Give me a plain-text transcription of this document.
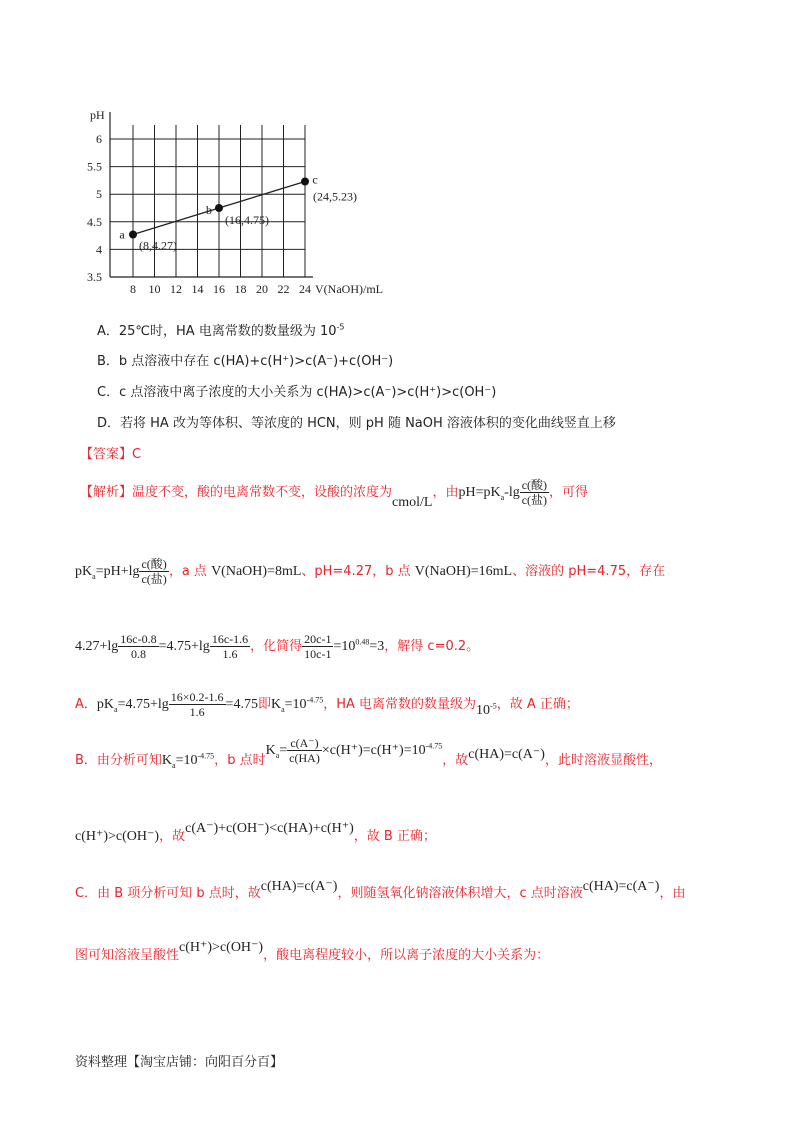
8 10 12 14 16 18 20 22 24
3.5
4
4.5
5
5.5
6
a
(8,4.27)
b
(16,4.75)
c
(24,5.23)
pH
V(NaOH)/mL
A．25℃时，HA 电离常数的数量级为 $10^{-5}$
B．b 点溶液中存在 c(HA)+c(H⁺)>c(A⁻)+c(OH⁻)
C．c 点溶液中离子浓度的大小关系为 c(HA)>c(A⁻)>c(H⁺)>c(OH⁻)
D．若将 HA 改为等体积、等浓度的 HCN，则 pH 随 NaOH 溶液体积的变化曲线竖直上移
【答案】C
【解析】温度不变，酸的电离常数不变，设酸的浓度为cmol/L，由$pH=pK_a-\lg \frac{\text{c(酸)}}{\text{c(盐)}}$ ，可得
$pK_a=pH+\lg \frac{\text{c(酸)}}{\text{c(盐)}}$ ，a 点 V(NaOH)=8mL、pH=4.27，b 点 V(NaOH)=16mL、溶液的 pH=4.75，存在
$4.27+\lg \frac{16c-0.8}{0.8} =4.75+\lg \frac{16c-1.6}{1.6}$ ，化简得 $\frac{20c-1}{10c-1} =10^{0.48}=3$，解得 c=0.2。
A．$pK_a=4.75+\lg \frac{16\times 0.2-1.6}{1.6} =4.75$即$K_a=10^{-4.75}$，HA 电离常数的数量级为$10^{-5}$，故 A 正确；
B．由分析可知$K_a=10^{-4.75}$，b 点时$K_a= \frac{c(A^-)}{c(HA)} \times c(H^+)=c(H^+)=10^{-4.75}$，故c(HA)=c(A⁻)，此时溶液显酸性，
c(H⁺)>c(OH⁻)，故c(A⁻)+c(OH⁻)<c(HA)+c(H⁺)，故 B 正确；
C．由 B 项分析可知 b 点时，故c(HA)=c(A⁻)，则随氢氧化钠溶液体积增大，c 点时溶液c(HA)=c(A⁻)，由
图可知溶液呈酸性c(H⁺)>c(OH⁻)，酸电离程度较小，所以离子浓度的大小关系为：
资料整理【淘宝店铺：向阳百分百】
